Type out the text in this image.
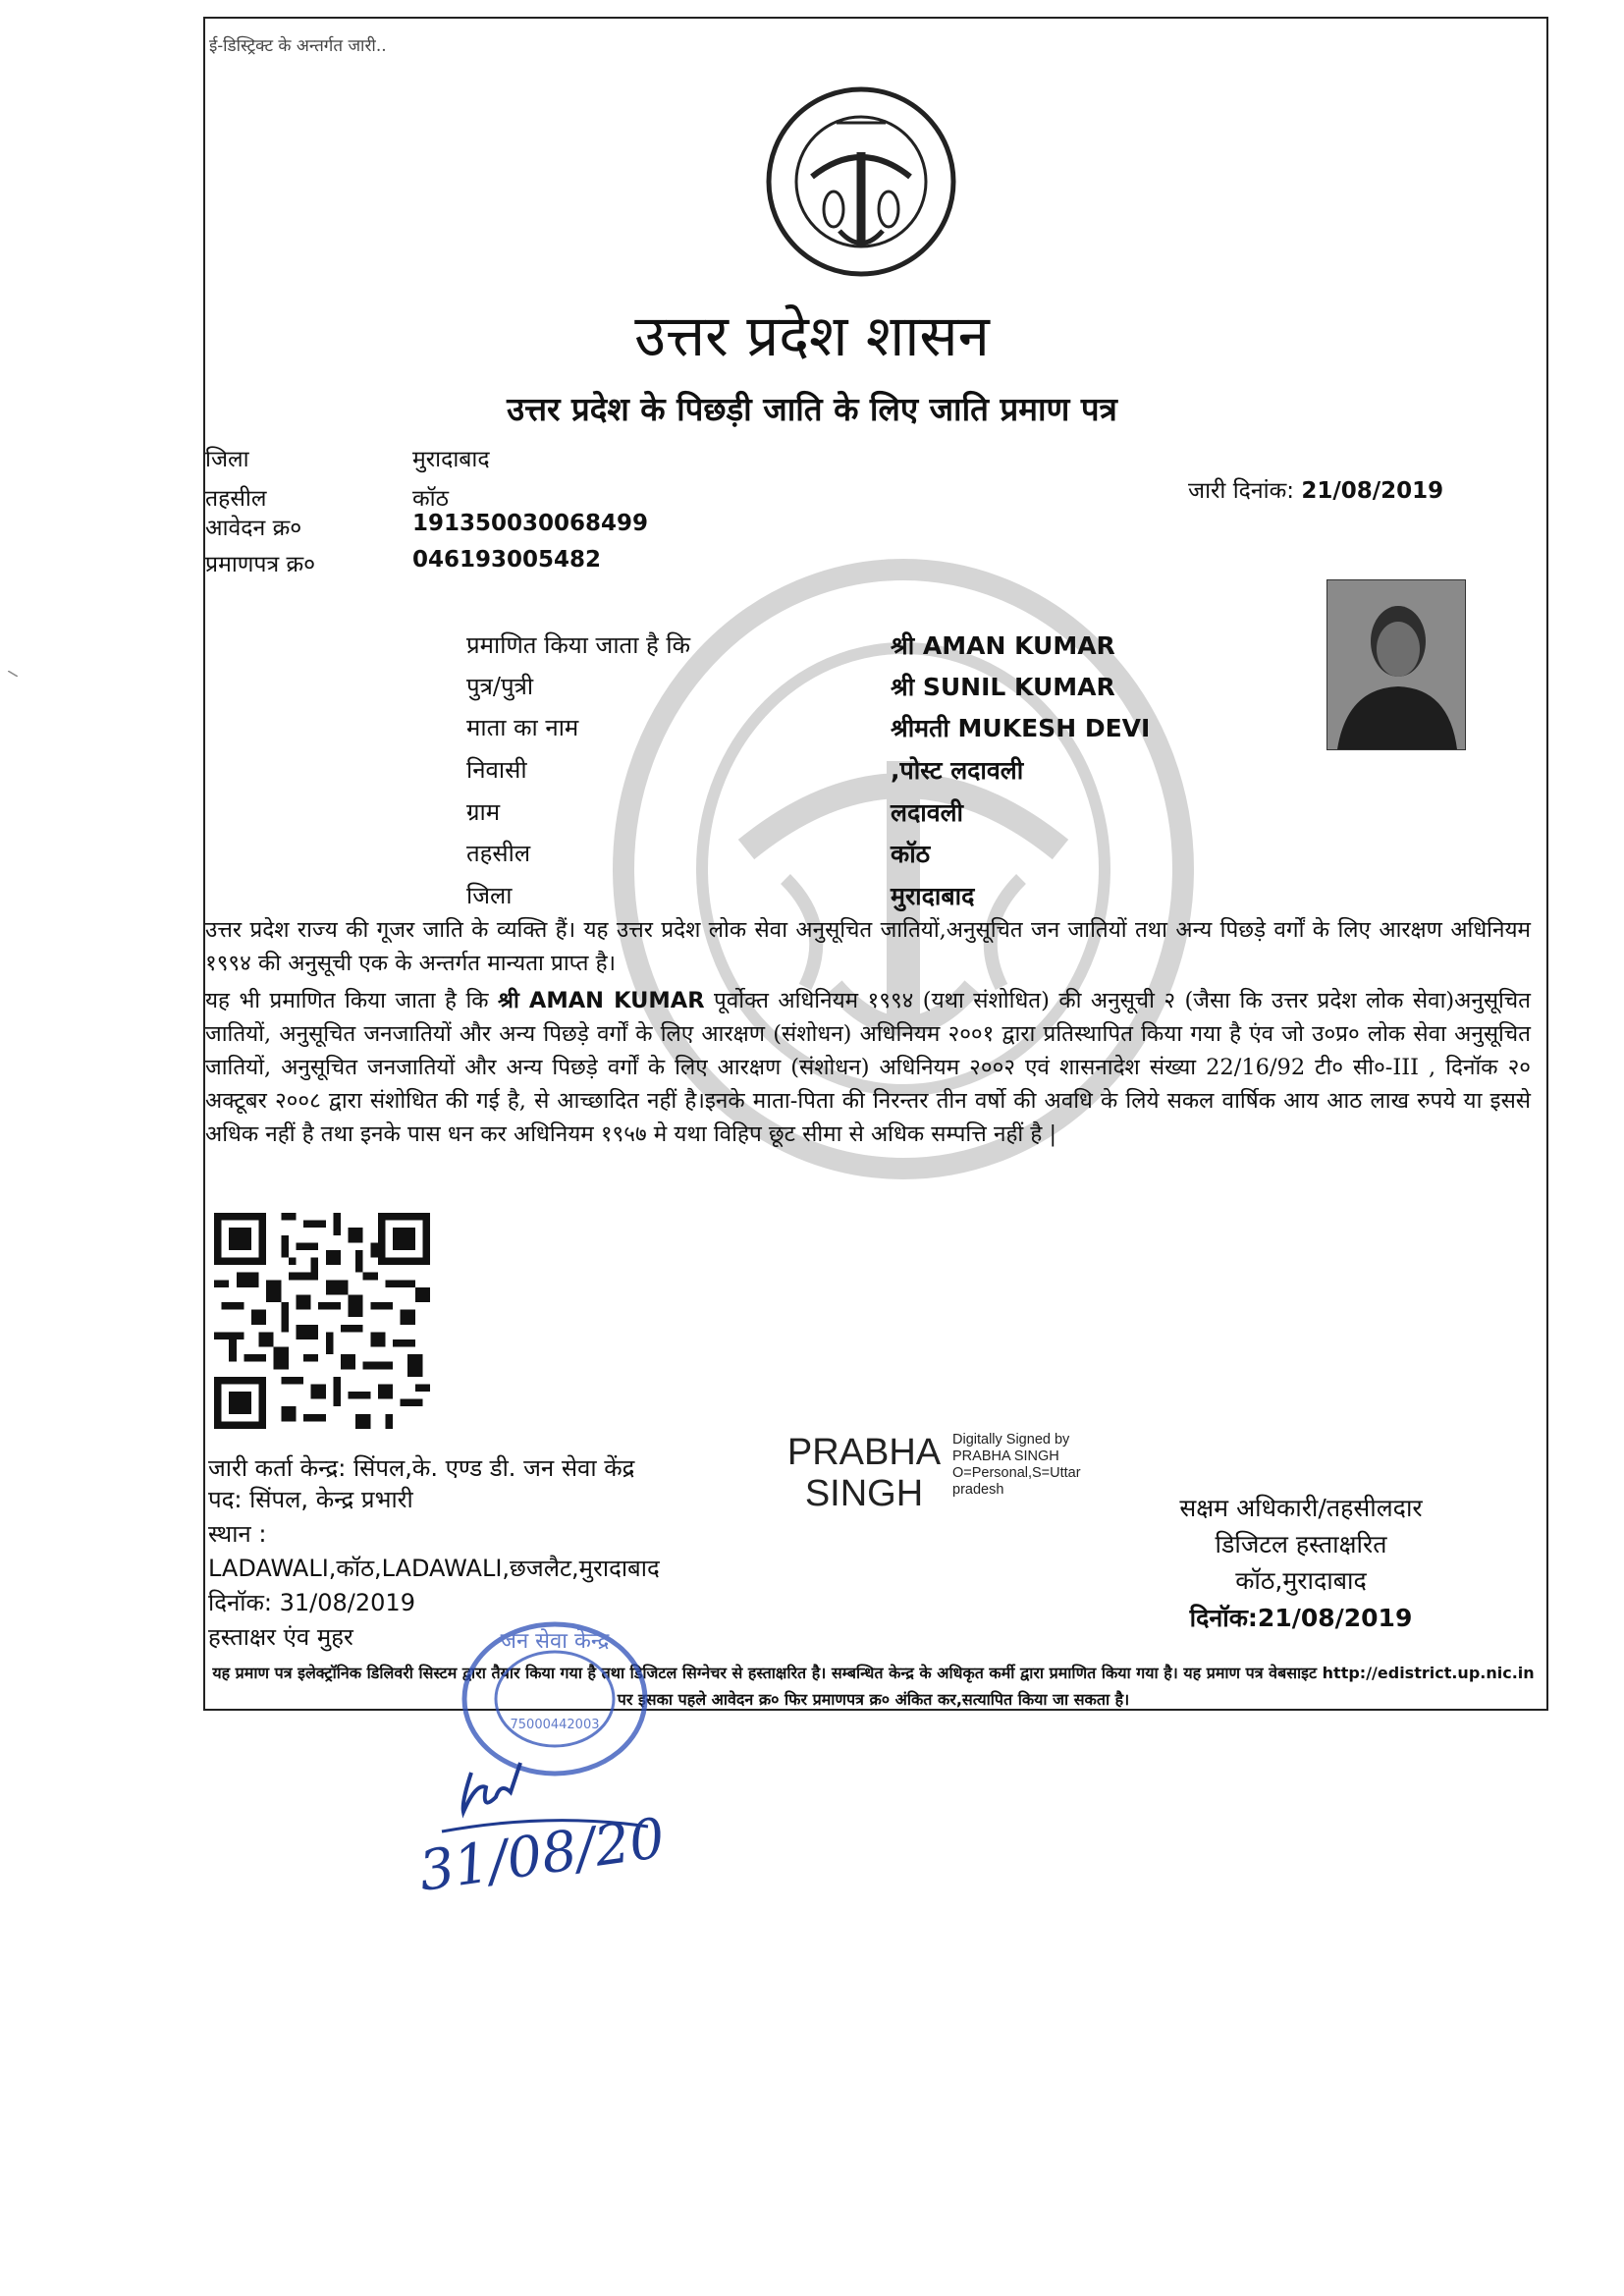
ई-डिस्ट्रिक्ट के अन्तर्गत जारी..
उत्तर प्रदेश शासन
उत्तर प्रदेश के पिछड़ी जाति के लिए जाति प्रमाण पत्र
जिला	मुरादाबाद
तहसील	कॉठ
आवेदन क्र०	191350030068499
प्रमाणपत्र क्र०	046193005482
जारी दिनांक: 21/08/2019
प्रमाणित किया जाता है कि	श्री AMAN KUMAR
पुत्र/पुत्री	श्री SUNIL KUMAR
माता का नाम	श्रीमती MUKESH DEVI
निवासी	,पोस्ट लदावली
ग्राम	लदावली
तहसील	कॉठ
जिला	मुरादाबाद
उत्तर प्रदेश राज्य की गूजर जाति के व्यक्ति हैं। यह उत्तर प्रदेश लोक सेवा अनुसूचित जातियों,अनुसूचित जन जातियों तथा अन्य पिछड़े वर्गों के लिए आरक्षण अधिनियम १९९४ की अनुसूची एक के अन्तर्गत मान्यता प्राप्त है।
यह भी प्रमाणित किया जाता है कि श्री AMAN KUMAR पूर्वोक्त अधिनियम १९९४ (यथा संशोधित) की अनुसूची २ (जैसा कि उत्तर प्रदेश लोक सेवा)अनुसूचित जातियों, अनुसूचित जनजातियों और अन्य पिछड़े वर्गों के लिए आरक्षण (संशोधन) अधिनियम २००१ द्वारा प्रतिस्थापित किया गया है एंव जो उ०प्र० लोक सेवा अनुसूचित जातियों, अनुसूचित जनजातियों और अन्य पिछड़े वर्गों के लिए आरक्षण (संशोधन) अधिनियम २००२ एवं शासनादेश संख्या 22/16/92 टी० सी०-III , दिनॉक २० अक्टूबर २००८ द्वारा संशोधित की गई है, से आच्छादित नहीं है।इनके माता-पिता की निरन्तर तीन वर्षो की अवधि के लिये सकल वार्षिक आय आठ लाख रुपये या इससे अधिक नहीं है तथा इनके पास धन कर अधिनियम १९५७ मे यथा विहिप छूट सीमा से अधिक सम्पत्ति नहीं है |
जारी कर्ता केन्द्र: सिंपल,के. एण्ड डी. जन सेवा केंद्र
पद: सिंपल, केन्द्र प्रभारी
स्थान :
LADAWALI,कॉठ,LADAWALI,छजलैट,मुरादाबाद
दिनॉक: 31/08/2019
हस्ताक्षर एंव मुहर
PRABHA
SINGH
Digitally Signed by
PRABHA SINGH
O=Personal,S=Uttar
pradesh
सक्षम अधिकारी/तहसीलदार
डिजिटल हस्ताक्षरित
कॉठ,मुरादाबाद
दिनॉक:21/08/2019
यह प्रमाण पत्र इलेक्ट्रॉनिक डिलिवरी सिस्टम द्वारा तैयार किया गया है तथा डिजिटल सिग्नेचर से हस्ताक्षरित है। सम्बन्धित केन्द्र के अधिकृत कर्मी द्वारा प्रमाणित किया गया है। यह प्रमाण पत्र वेबसाइट http://edistrict.up.nic.in पर इसका पहले आवेदन क्र० फिर प्रमाणपत्र क्र० अंकित कर,सत्यापित किया जा सकता है।
जन सेवा केन्द्र
75000442003
31/08/20
